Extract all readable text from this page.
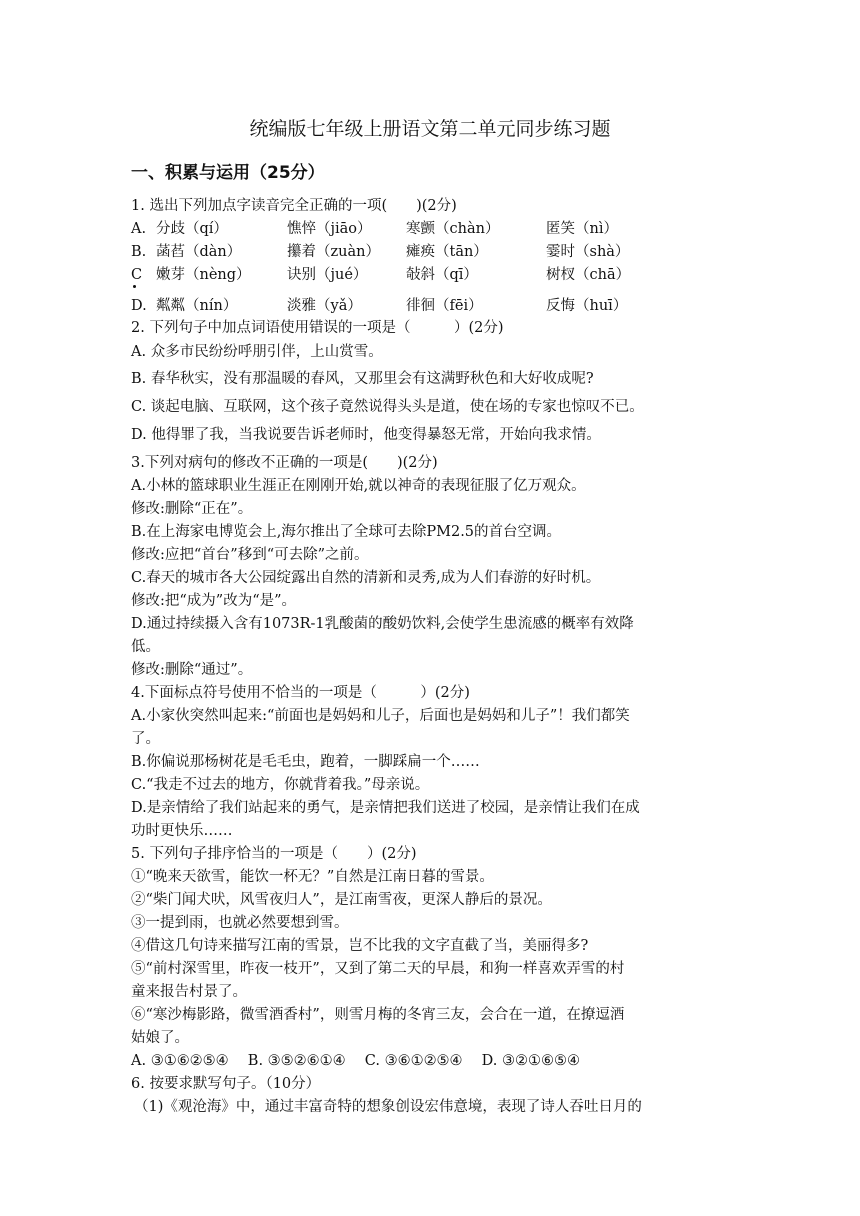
统编版七年级上册语文第二单元同步练习题
一、积累与运用（25分）
1. 选出下列加点字读音完全正确的一项(　　)(2分)
A. 分歧（qí）	憔悴（jiāo） 寒颤（chàn）	匿笑（nì）
B. 菡萏（dàn）	攥着（zuàn） 瘫痪（tān）	霎时（shà）
C 嫩芽（nèng）	诀别（jué）	敧斜（qī）	树杈（chā）
D. 粼粼（nín）	淡雅（yǎ）	徘徊（fēi）	反悔（huī）
2. 下列句子中加点词语使用错误的一项是（　　　）(2分)
A. 众多市民纷纷呼朋引伴，上山赏雪。
B. 春华秋实，没有那温暖的春风，又那里会有这满野秋色和大好收成呢?
C. 谈起电脑、互联网，这个孩子竟然说得头头是道，使在场的专家也惊叹不已。
D. 他得罪了我，当我说要告诉老师时，他变得暴怒无常，开始向我求情。
3.下列对病句的修改不正确的一项是(　　)(2分)
A.小林的篮球职业生涯正在刚刚开始,就以神奇的表现征服了亿万观众。
修改:删除“正在”。
B.在上海家电博览会上,海尔推出了全球可去除PM2.5的首台空调。
修改:应把“首台”移到“可去除”之前。
C.春天的城市各大公园绽露出自然的清新和灵秀,成为人们春游的好时机。
修改:把“成为”改为“是”。
D.通过持续摄入含有1073R-1乳酸菌的酸奶饮料,会使学生患流感的概率有效降
低。
修改:删除“通过”。
4.下面标点符号使用不恰当的一项是（　　　）(2分)
A.小家伙突然叫起来:“前面也是妈妈和儿子，后面也是妈妈和儿子”！我们都笑
了。
B.你偏说那杨树花是毛毛虫，跑着，一脚踩扁一个……
C.“我走不过去的地方，你就背着我。”母亲说。
D.是亲情给了我们站起来的勇气，是亲情把我们送进了校园，是亲情让我们在成
功时更快乐……
5. 下列句子排序恰当的一项是（　　）(2分)
①“晚来天欲雪，能饮一杯无？”自然是江南日暮的雪景。
②“柴门闻犬吠，风雪夜归人”，是江南雪夜，更深人静后的景况。
③一提到雨，也就必然要想到雪。
④借这几句诗来描写江南的雪景，岂不比我的文字直截了当，美丽得多?
⑤“前村深雪里，昨夜一枝开”，又到了第二天的早晨，和狗一样喜欢弄雪的村
童来报告村景了。
⑥“寒沙梅影路，微雪酒香村”，则雪月梅的冬宵三友，会合在一道，在撩逗酒
姑娘了。
A. ③①⑥②⑤④　 B. ③⑤②⑥①④　 C. ③⑥①②⑤④　 D. ③②①⑥⑤④
6. 按要求默写句子。（10分）
（1)《观沧海》中，通过丰富奇特的想象创设宏伟意境，表现了诗人吞吐日月的
